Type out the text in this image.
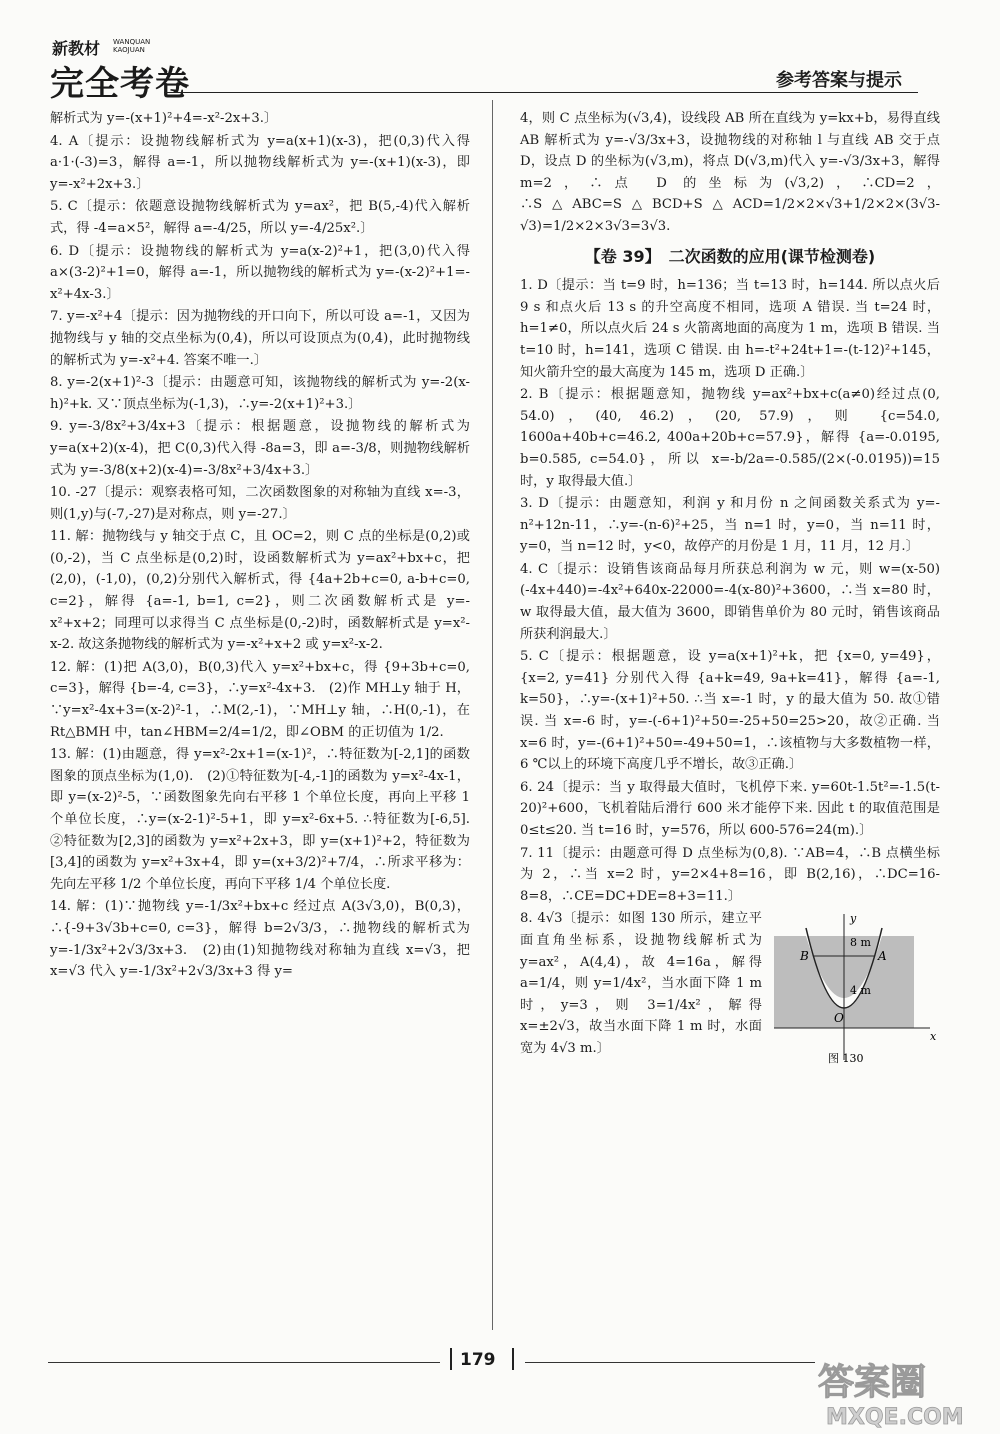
新教材 WANQUAN
KAOJUAN
完全考卷	参考答案与提示
解析式为 y=-(x+1)²+4=-x²-2x+3.〕
4. A〔提示：设抛物线解析式为 y=a(x+1)(x-3)，把(0,3)代入得 a·1·(-3)=3，解得 a=-1，所以抛物线解析式为 y=-(x+1)(x-3)，即 y=-x²+2x+3.〕
5. C〔提示：依题意设抛物线解析式为 y=ax²，把 B(5,-4)代入解析式，得 -4=a×5²，解得 a=-4/25，所以 y=-4/25x².〕
6. D〔提示：设抛物线的解析式为 y=a(x-2)²+1，把(3,0)代入得 a×(3-2)²+1=0，解得 a=-1，所以抛物线的解析式为 y=-(x-2)²+1=-x²+4x-3.〕
7. y=-x²+4〔提示：因为抛物线的开口向下，所以可设 a=-1，又因为抛物线与 y 轴的交点坐标为(0,4)，所以可设顶点为(0,4)，此时抛物线的解析式为 y=-x²+4. 答案不唯一.〕
8. y=-2(x+1)²-3〔提示：由题意可知，该抛物线的解析式为 y=-2(x-h)²+k. 又∵顶点坐标为(-1,3)，∴y=-2(x+1)²+3.〕
9. y=-3/8x²+3/4x+3〔提示：根据题意，设抛物线的解析式为 y=a(x+2)(x-4)，把 C(0,3)代入得 -8a=3，即 a=-3/8，则抛物线解析式为 y=-3/8(x+2)(x-4)=-3/8x²+3/4x+3.〕
10. -27〔提示：观察表格可知，二次函数图象的对称轴为直线 x=-3，则(1,y)与(-7,-27)是对称点，则 y=-27.〕
11. 解：抛物线与 y 轴交于点 C，且 OC=2，则 C 点的坐标是(0,2)或(0,-2)，当 C 点坐标是(0,2)时，设函数解析式为 y=ax²+bx+c，把(2,0)，(-1,0)，(0,2)分别代入解析式，得 {4a+2b+c=0, a-b+c=0, c=2}，解得 {a=-1, b=1, c=2}，则二次函数解析式是 y=-x²+x+2；同理可以求得当 C 点坐标是(0,-2)时，函数解析式是 y=x²-x-2. 故这条抛物线的解析式为 y=-x²+x+2 或 y=x²-x-2.
12. 解：(1)把 A(3,0)，B(0,3)代入 y=x²+bx+c，得 {9+3b+c=0, c=3}，解得 {b=-4, c=3}，∴y=x²-4x+3.　(2)作 MH⊥y 轴于 H，∵y=x²-4x+3=(x-2)²-1，∴M(2,-1)，∵MH⊥y 轴，∴H(0,-1)，在 Rt△BMH 中，tan∠HBM=2/4=1/2，即∠OBM 的正切值为 1/2.
13. 解：(1)由题意，得 y=x²-2x+1=(x-1)²，∴特征数为[-2,1]的函数图象的顶点坐标为(1,0).　(2)①特征数为[-4,-1]的函数为 y=x²-4x-1，即 y=(x-2)²-5，∵函数图象先向右平移 1 个单位长度，再向上平移 1 个单位长度，∴y=(x-2-1)²-5+1，即 y=x²-6x+5. ∴特征数为[-6,5].　②特征数为[2,3]的函数为 y=x²+2x+3，即 y=(x+1)²+2，特征数为[3,4]的函数为 y=x²+3x+4，即 y=(x+3/2)²+7/4，∴所求平移为：先向左平移 1/2 个单位长度，再向下平移 1/4 个单位长度.
14. 解：(1)∵抛物线 y=-1/3x²+bx+c 经过点 A(3√3,0)，B(0,3)，∴{-9+3√3b+c=0, c=3}，解得 b=2√3/3，∴抛物线的解析式为 y=-1/3x²+2√3/3x+3.　(2)由(1)知抛物线对称轴为直线 x=√3，把 x=√3 代入 y=-1/3x²+2√3/3x+3 得 y=
4，则 C 点坐标为(√3,4)，设线段 AB 所在直线为 y=kx+b，易得直线 AB 解析式为 y=-√3/3x+3，设抛物线的对称轴 l 与直线 AB 交于点 D，设点 D 的坐标为(√3,m)，将点 D(√3,m)代入 y=-√3/3x+3，解得 m=2，∴点 D 的坐标为(√3,2)，∴CD=2，∴S△ABC=S△BCD+S△ACD=1/2×2×√3+1/2×2×(3√3-√3)=1/2×2×3√3=3√3.
【卷 39】　二次函数的应用(课节检测卷)
1. D〔提示：当 t=9 时，h=136；当 t=13 时，h=144. 所以点火后 9 s 和点火后 13 s 的升空高度不相同，选项 A 错误. 当 t=24 时，h=1≠0，所以点火后 24 s 火箭离地面的高度为 1 m，选项 B 错误. 当 t=10 时，h=141，选项 C 错误. 由 h=-t²+24t+1=-(t-12)²+145，知火箭升空的最大高度为 145 m，选项 D 正确.〕
2. B〔提示：根据题意知，抛物线 y=ax²+bx+c(a≠0)经过点(0, 54.0)，(40, 46.2)，(20, 57.9)，则 {c=54.0, 1600a+40b+c=46.2, 400a+20b+c=57.9}，解得 {a=-0.0195, b=0.585, c=54.0}，所以 x=-b/2a=-0.585/(2×(-0.0195))=15 时，y 取得最大值.〕
3. D〔提示：由题意知，利润 y 和月份 n 之间函数关系式为 y=-n²+12n-11，∴y=-(n-6)²+25，当 n=1 时，y=0，当 n=11 时，y=0，当 n=12 时，y<0，故停产的月份是 1 月，11 月，12 月.〕
4. C〔提示：设销售该商品每月所获总利润为 w 元，则 w=(x-50)(-4x+440)=-4x²+640x-22000=-4(x-80)²+3600，∴当 x=80 时，w 取得最大值，最大值为 3600，即销售单价为 80 元时，销售该商品所获利润最大.〕
5. C〔提示：根据题意，设 y=a(x+1)²+k，把 {x=0, y=49}，{x=2, y=41} 分别代入得 {a+k=49, 9a+k=41}，解得 {a=-1, k=50}，∴y=-(x+1)²+50. ∴当 x=-1 时，y 的最大值为 50. 故①错误. 当 x=-6 时，y=-(-6+1)²+50=-25+50=25>20，故②正确. 当 x=6 时，y=-(6+1)²+50=-49+50=1，∴该植物与大多数植物一样，6 ℃以上的环境下高度几乎不增长，故③正确.〕
6. 24〔提示：当 y 取得最大值时，飞机停下来. y=60t-1.5t²=-1.5(t-20)²+600，飞机着陆后滑行 600 米才能停下来. 因此 t 的取值范围是 0≤t≤20. 当 t=16 时，y=576，所以 600-576=24(m).〕
7. 11〔提示：由题意可得 D 点坐标为(0,8). ∵AB=4，∴B 点横坐标为 2，∴当 x=2 时，y=2×4+8=16，即 B(2,16)，∴DC=16-8=8，∴CE=DC+DE=8+3=11.〕
B	A
O
8 m
4 m
x
y
图 130
8. 4√3〔提示：如图 130 所示，建立平面直角坐标系，设抛物线解析式为 y=ax²，A(4,4)，故 4=16a，解得 a=1/4，则 y=1/4x²，当水面下降 1 m 时，y=3，则 3=1/4x²，解得 x=±2√3，故当水面下降 1 m 时，水面宽为 4√3 m.〕
179
答案圈
MXQE.COM
